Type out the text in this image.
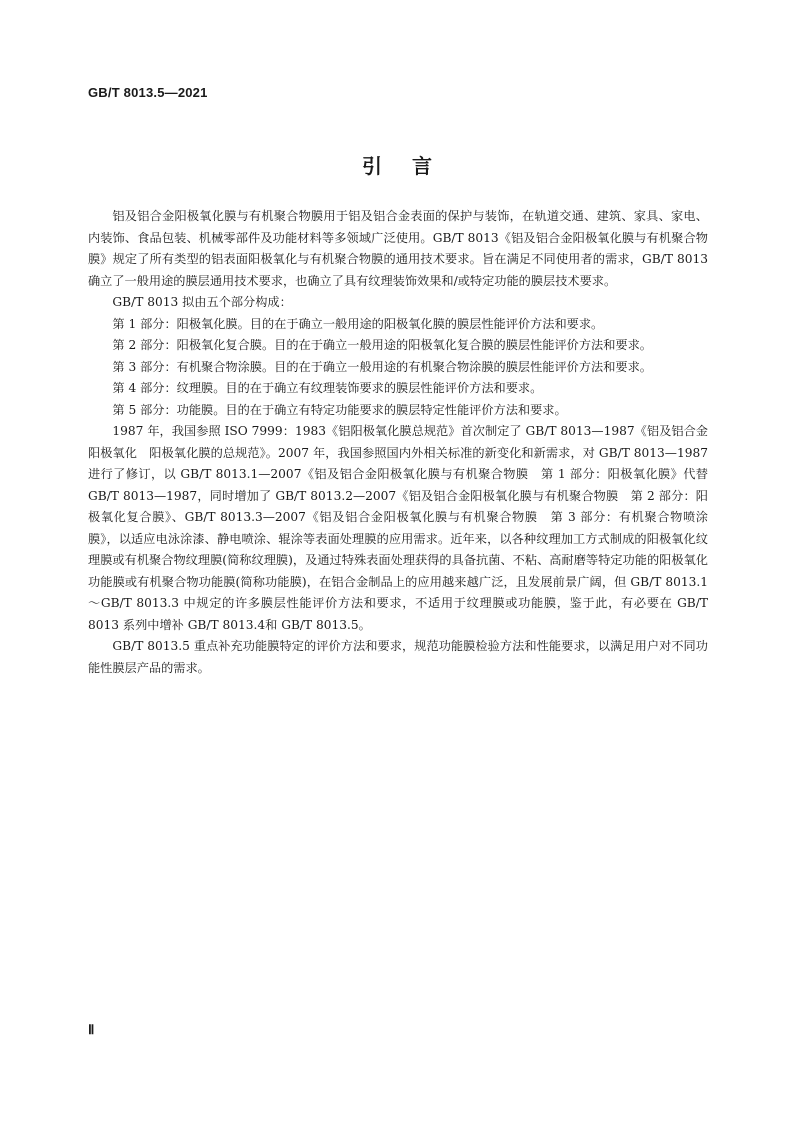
GB/T 8013.5—2021
引言

铝及铝合金阳极氧化膜与有机聚合物膜用于铝及铝合金表面的保护与装饰，在轨道交通、建筑、家具、家电、内装饰、食品包装、机械零部件及功能材料等多领域广泛使用。GB/T 8013《铝及铝合金阳极氧化膜与有机聚合物膜》规定了所有类型的铝表面阳极氧化与有机聚合物膜的通用技术要求。旨在满足不同使用者的需求，GB/T 8013 确立了一般用途的膜层通用技术要求，也确立了具有纹理装饰效果和/或特定功能的膜层技术要求。

GB/T 8013 拟由五个部分构成：

第 1 部分：阳极氧化膜。目的在于确立一般用途的阳极氧化膜的膜层性能评价方法和要求。

第 2 部分：阳极氧化复合膜。目的在于确立一般用途的阳极氧化复合膜的膜层性能评价方法和要求。

第 3 部分：有机聚合物涂膜。目的在于确立一般用途的有机聚合物涂膜的膜层性能评价方法和要求。

第 4 部分：纹理膜。目的在于确立有纹理装饰要求的膜层性能评价方法和要求。

第 5 部分：功能膜。目的在于确立有特定功能要求的膜层特定性能评价方法和要求。

1987 年，我国参照 ISO 7999：1983《铝阳极氧化膜总规范》首次制定了 GB/T 8013—1987《铝及铝合金阳极氧化　阳极氧化膜的总规范》。2007 年，我国参照国内外相关标准的新变化和新需求，对 GB/T 8013—1987 进行了修订，以 GB/T 8013.1—2007《铝及铝合金阳极氧化膜与有机聚合物膜　第 1 部分：阳极氧化膜》代替 GB/T 8013—1987，同时增加了 GB/T 8013.2—2007《铝及铝合金阳极氧化膜与有机聚合物膜　第 2 部分：阳极氧化复合膜》、GB/T 8013.3—2007《铝及铝合金阳极氧化膜与有机聚合物膜　第 3 部分：有机聚合物喷涂膜》，以适应电泳涂漆、静电喷涂、辊涂等表面处理膜的应用需求。近年来，以各种纹理加工方式制成的阳极氧化纹理膜或有机聚合物纹理膜(简称纹理膜)，及通过特殊表面处理获得的具备抗菌、不粘、高耐磨等特定功能的阳极氧化功能膜或有机聚合物功能膜(简称功能膜)，在铝合金制品上的应用越来越广泛，且发展前景广阔，但 GB/T 8013.1～GB/T 8013.3 中规定的许多膜层性能评价方法和要求，不适用于纹理膜或功能膜，鉴于此，有必要在 GB/T 8013 系列中增补 GB/T 8013.4和 GB/T 8013.5。

GB/T 8013.5 重点补充功能膜特定的评价方法和要求，规范功能膜检验方法和性能要求，以满足用户对不同功能性膜层产品的需求。

Ⅱ
